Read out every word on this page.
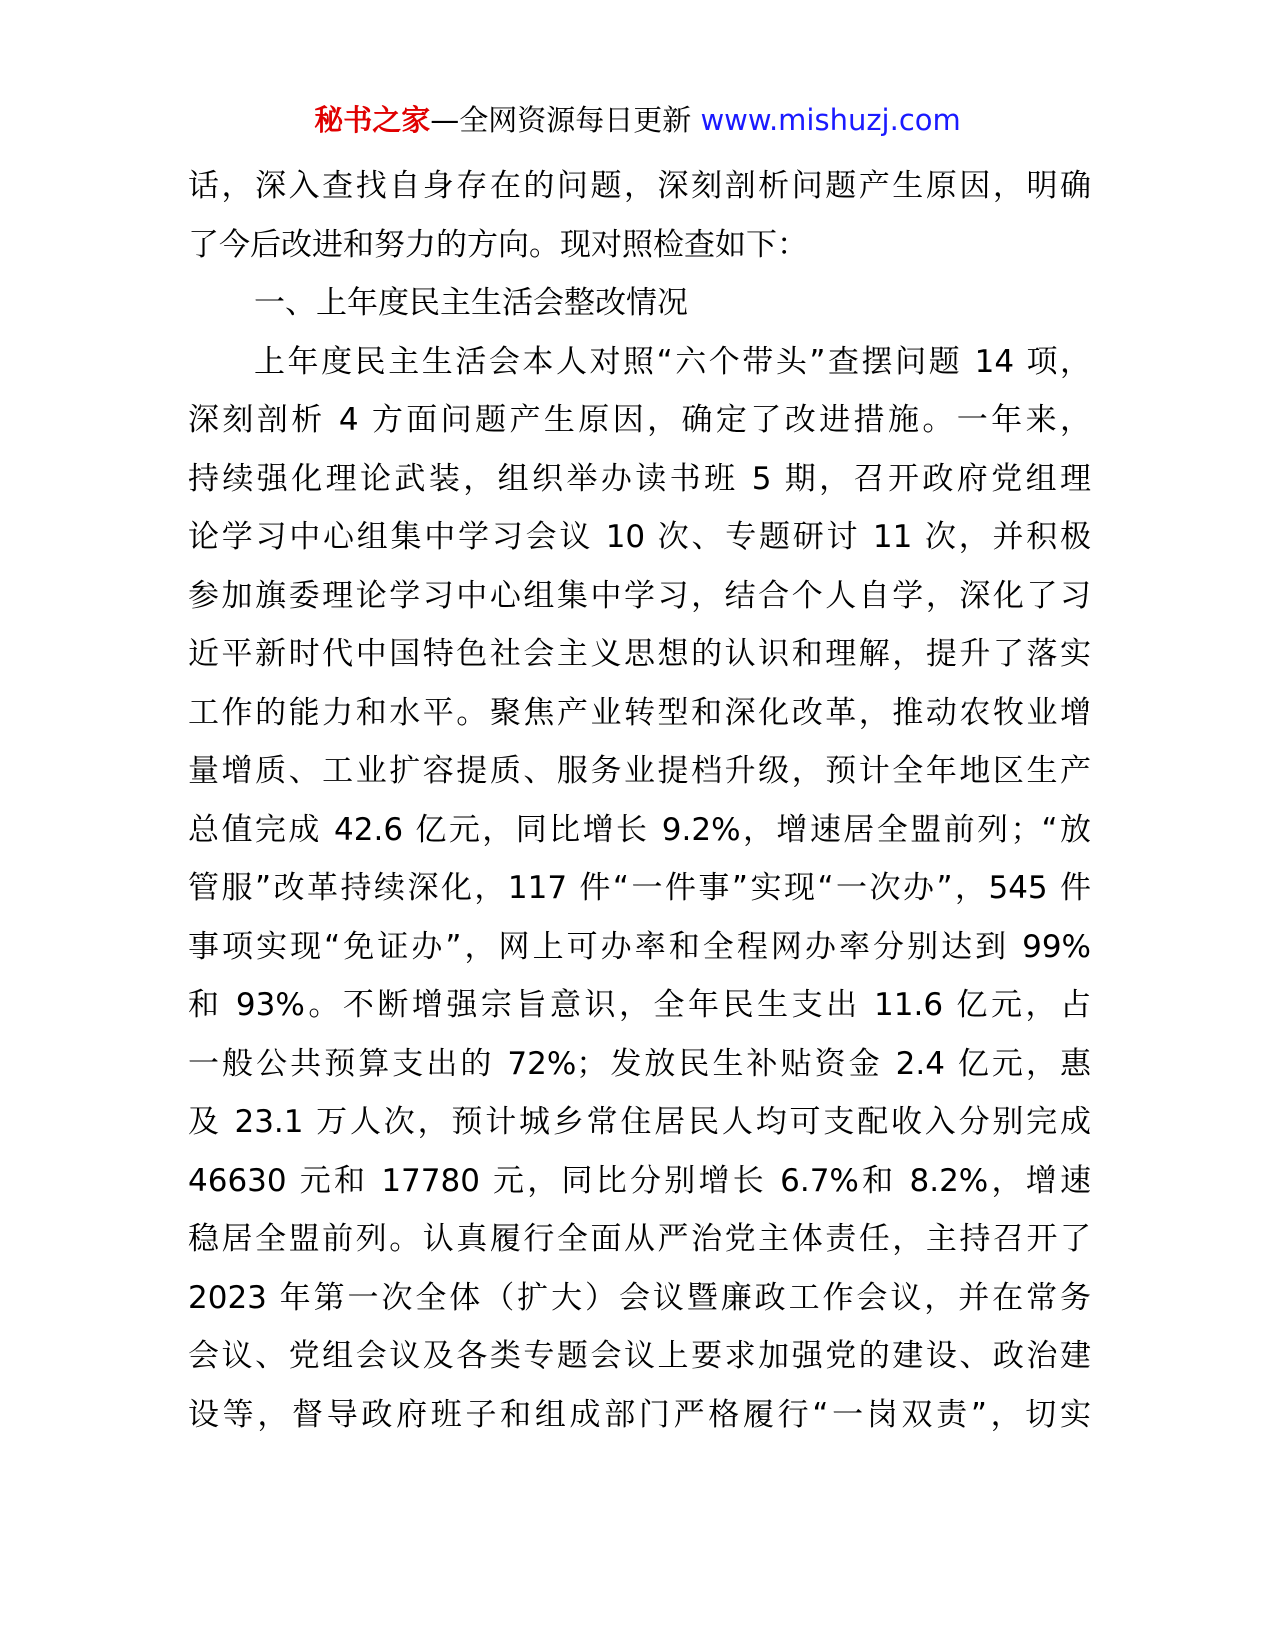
秘书之家—全网资源每日更新 www.mishuzj.com
话，深入查找自身存在的问题，深刻剖析问题产生原因，明确
了今后改进和努力的方向。现对照检查如下：
一、上年度民主生活会整改情况
上年度民主生活会本人对照“六个带头”查摆问题 14 项，
深刻剖析 4 方面问题产生原因，确定了改进措施。一年来，
持续强化理论武装，组织举办读书班 5 期，召开政府党组理
论学习中心组集中学习会议 10 次、专题研讨 11 次，并积极
参加旗委理论学习中心组集中学习，结合个人自学，深化了习
近平新时代中国特色社会主义思想的认识和理解，提升了落实
工作的能力和水平。聚焦产业转型和深化改革，推动农牧业增
量增质、工业扩容提质、服务业提档升级，预计全年地区生产
总值完成 42.6 亿元，同比增长 9.2%，增速居全盟前列；“放
管服”改革持续深化，117 件“一件事”实现“一次办”，545 件
事项实现“免证办”，网上可办率和全程网办率分别达到 99%
和 93%。不断增强宗旨意识，全年民生支出 11.6 亿元，占
一般公共预算支出的 72%；发放民生补贴资金 2.4 亿元，惠
及 23.1 万人次，预计城乡常住居民人均可支配收入分别完成
46630 元和 17780 元，同比分别增长 6.7%和 8.2%，增速
稳居全盟前列。认真履行全面从严治党主体责任，主持召开了
2023 年第一次全体（扩大）会议暨廉政工作会议，并在常务
会议、党组会议及各类专题会议上要求加强党的建设、政治建
设等，督导政府班子和组成部门严格履行“一岗双责”，切实
